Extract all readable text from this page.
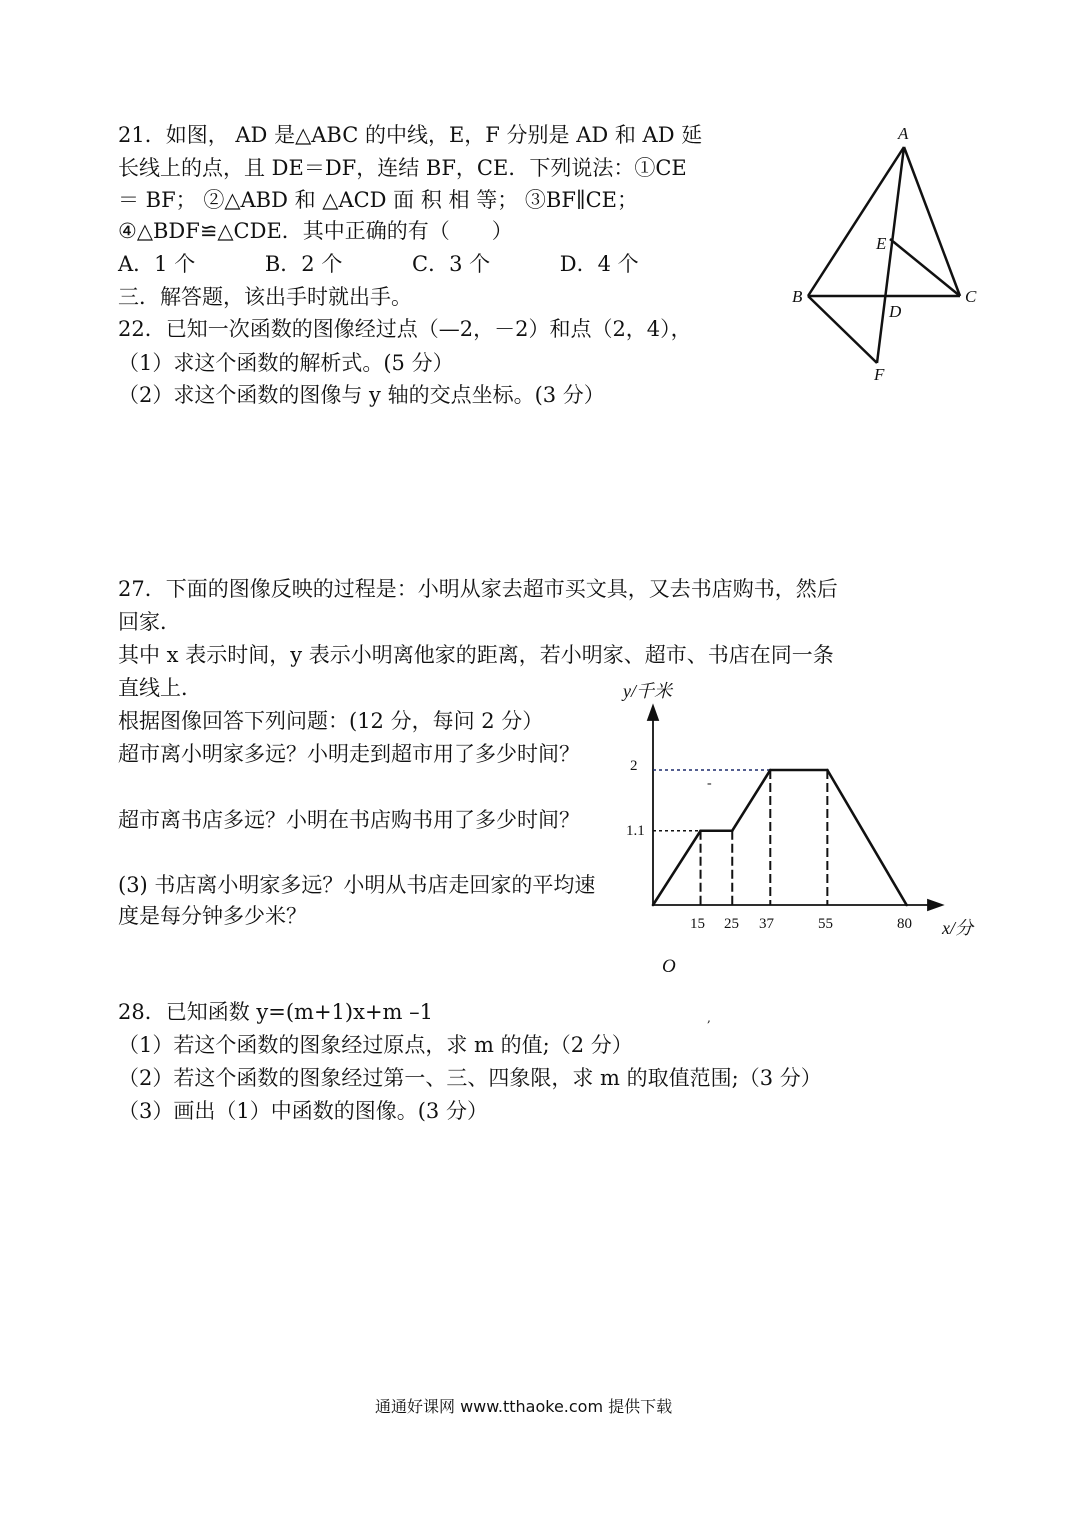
21．如图， AD 是△ABC 的中线，E，F 分别是 AD 和 AD 延
长线上的点，且 DE＝DF，连结 BF，CE．下列说法：①CE
＝ BF； ②△ABD 和 △ACD 面 积 相 等； ③BF∥CE；
④△BDF≌△CDE．其中正确的有（　　）
A．1 个　　　 B．2 个　　　 C．3 个　　　 D．4 个
三．解答题，该出手时就出手。
22．已知一次函数的图像经过点（—2，－2）和点（2，4），
（1）求这个函数的解析式。(5 分）
（2）求这个函数的图像与 y 轴的交点坐标。(3 分）
A
B	C
D
E
F
27．下面的图像反映的过程是：小明从家去超市买文具，又去书店购书，然后
回家．
其中 x 表示时间，y 表示小明离他家的距离，若小明家、超市、书店在同一条
直线上．
根据图像回答下列问题：(12 分，每问 2 分）
超市离小明家多远？小明走到超市用了多少时间？
超市离书店多远？小明在书店购书用了多少时间？
(3) 书店离小明家多远？小明从书店走回家的平均速
度是每分钟多少米？
-
,
y/千米
x/分
O
2
1.1
15 25 37	55	80
28．已知函数 y=(m+1)x+m –1
（1）若这个函数的图象经过原点，求 m 的值;（2 分）
（2）若这个函数的图象经过第一、三、四象限，求 m 的取值范围;（3 分）
（3）画出（1）中函数的图像。(3 分）
通通好课网 www.tthaoke.com 提供下载
